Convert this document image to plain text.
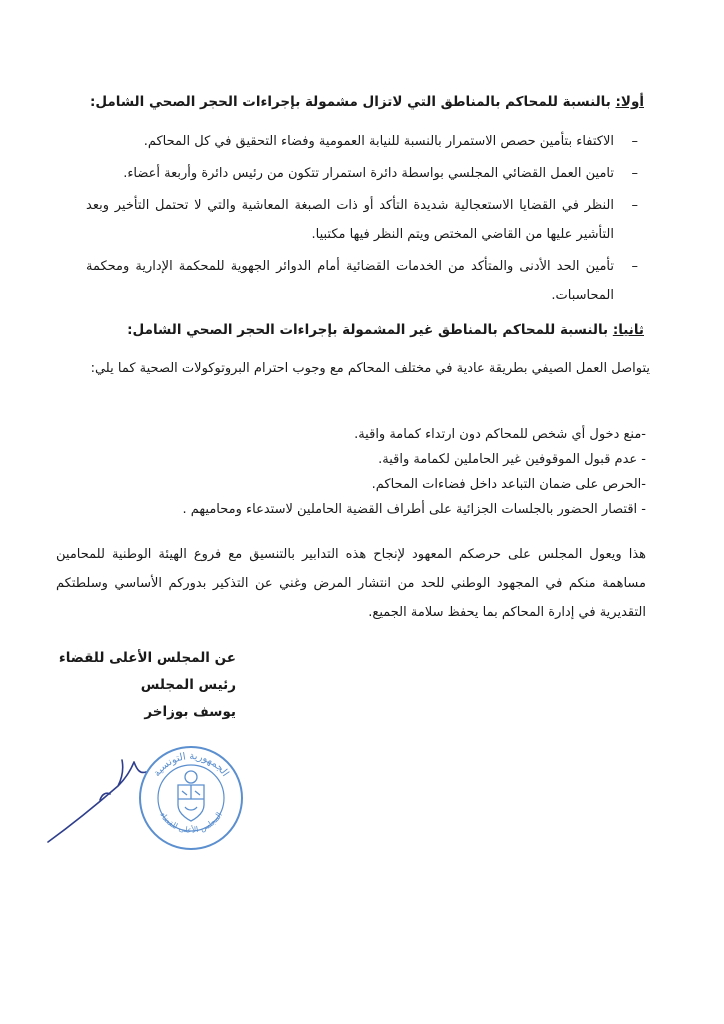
أولا: بالنسبة للمحاكم بالمناطق التي لاتزال مشمولة بإجراءات الحجر الصحي الشامل:
–
الاكتفاء بتأمين حصص الاستمرار بالنسبة للنيابة العمومية وفضاء التحقيق في كل المحاكم.
–
تامين العمل القضائي المجلسي بواسطة دائرة استمرار تتكون من رئيس دائرة وأربعة أعضاء.
–
النظر في القضايا الاستعجالية شديدة التأكد أو ذات الصبغة المعاشية والتي لا تحتمل التأخير وبعد التأشير عليها من القاضي المختص ويتم النظر فيها مكتبيا.
–
تأمين الحد الأدنى والمتأكد من الخدمات القضائية أمام الدوائر الجهوية للمحكمة الإدارية ومحكمة المحاسبات.
ثانيا: بالنسبة للمحاكم بالمناطق غير المشمولة بإجراءات الحجر الصحي الشامل:
يتواصل العمل الصيفي بطريقة عادية في مختلف المحاكم مع وجوب احترام البروتوكولات الصحية كما يلي:
-منع دخول أي شخص للمحاكم دون ارتداء كمامة واقية.
- عدم قبول الموقوفين غير الحاملين لكمامة واقية.
-الحرص على ضمان التباعد داخل فضاءات المحاكم.
- اقتصار الحضور بالجلسات الجزائية على أطراف القضية الحاملين لاستدعاء ومحاميهم .
هذا ويعول المجلس على حرصكم المعهود لإنجاح هذه التدابير بالتنسيق مع فروع الهيئة الوطنية للمحامين مساهمة منكم في المجهود الوطني للحد من انتشار المرض وغني عن التذكير بدوركم الأساسي وسلطتكم التقديرية في إدارة المحاكم بما يحفظ سلامة الجميع.
عن المجلس الأعلى للقضاء
رئيس المجلس
يوسف بوزاخر
الجمهورية التونسية
المجلس الأعلى للقضاء
